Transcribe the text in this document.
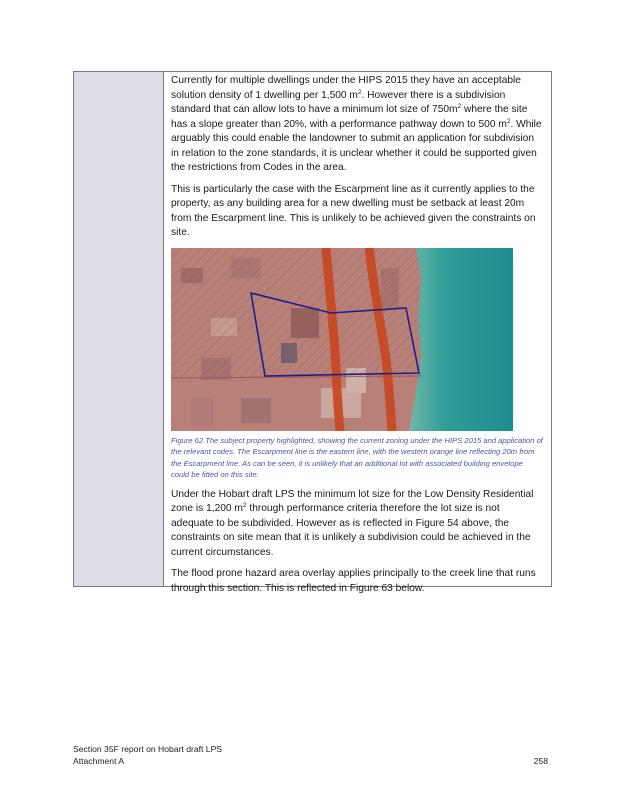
Currently for multiple dwellings under the HIPS 2015 they have an acceptable solution density of 1 dwelling per 1,500 $m^2$. However there is a subdivision standard that can allow lots to have a minimum lot size of $750m^2$ where the site has a slope greater than 20%, with a performance pathway down to 500 $m^2$. While arguably this could enable the landowner to submit an application for subdivision in relation to the zone standards, it is unclear whether it could be supported given the restrictions from Codes in the area.

This is particularly the case with the Escarpment line as it currently applies to the property, as any building area for a new dwelling must be setback at least 20m from the Escarpment line. This is unlikely to be achieved given the constraints on site.

Figure 62 The subject property highlighted, showing the current zoning under the HIPS 2015 and application of the relevant codes. The Escarpment line is the eastern line, with the western orange line reflecting 20m from the Escarpment line. As can be seen, it is unlikely that an additional lot with associated building envelope could be fitted on this site.

Under the Hobart draft LPS the minimum lot size for the Low Density Residential zone is 1,200 $m^2$ through performance criteria therefore the lot size is not adequate to be subdivided. However as is reflected in Figure 54 above, the constraints on site mean that it is unlikely a subdivision could be achieved in the current circumstances.

The flood prone hazard area overlay applies principally to the creek line that runs through this section. This is reflected in Figure 63 below.

Section 35F report on Hobart draft LPS
Attachment A	258
